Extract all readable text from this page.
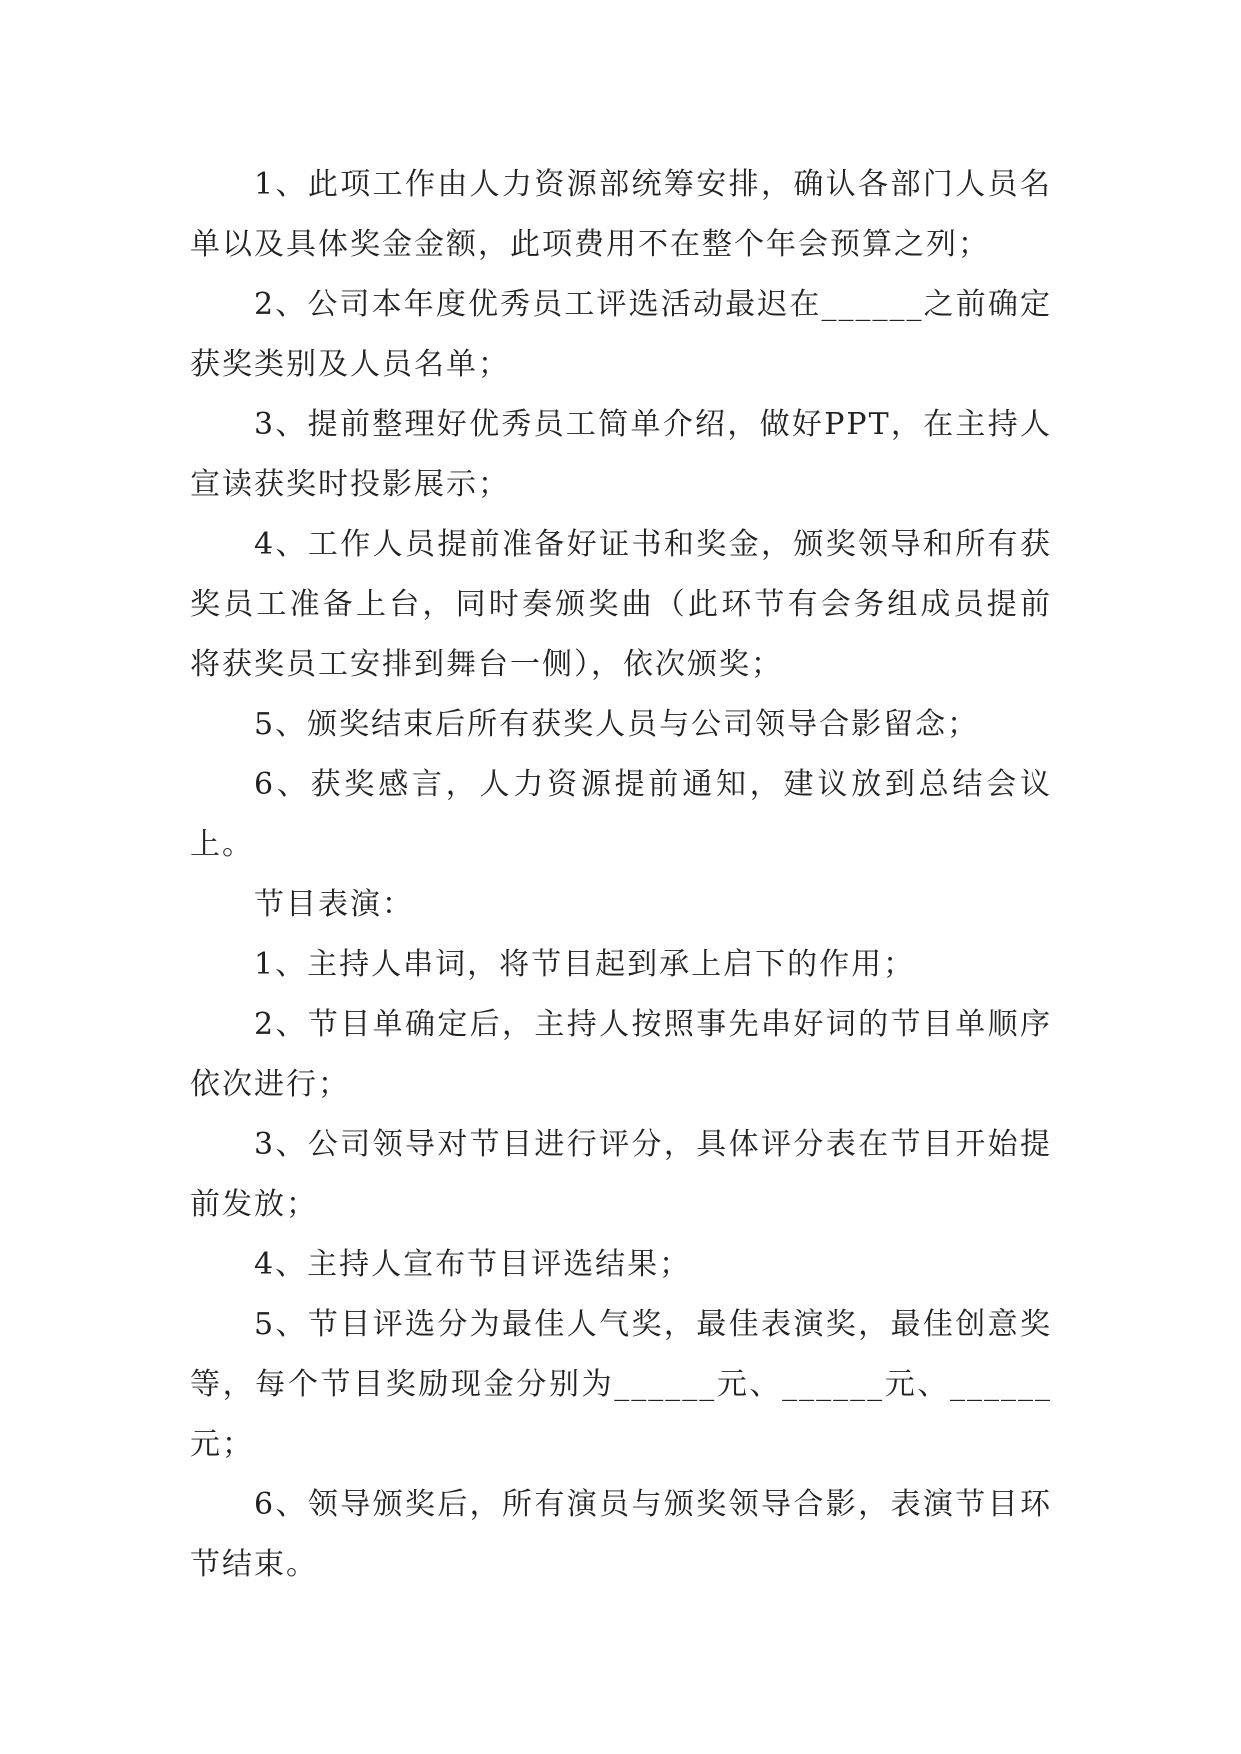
1、此项工作由人力资源部统筹安排，确认各部门人员名单以及具体奖金金额，此项费用不在整个年会预算之列；

2、公司本年度优秀员工评选活动最迟在______之前确定获奖类别及人员名单；

3、提前整理好优秀员工简单介绍，做好PPT，在主持人宣读获奖时投影展示；

4、工作人员提前准备好证书和奖金，颁奖领导和所有获奖员工准备上台，同时奏颁奖曲（此环节有会务组成员提前将获奖员工安排到舞台一侧），依次颁奖；

5、颁奖结束后所有获奖人员与公司领导合影留念；

6、获奖感言，人力资源提前通知，建议放到总结会议上。

节目表演：

1、主持人串词，将节目起到承上启下的作用；

2、节目单确定后，主持人按照事先串好词的节目单顺序依次进行；

3、公司领导对节目进行评分，具体评分表在节目开始提前发放；

4、主持人宣布节目评选结果；

5、节目评选分为最佳人气奖，最佳表演奖，最佳创意奖等，每个节目奖励现金分别为______元、______元、______元；

6、领导颁奖后，所有演员与颁奖领导合影，表演节目环节结束。
